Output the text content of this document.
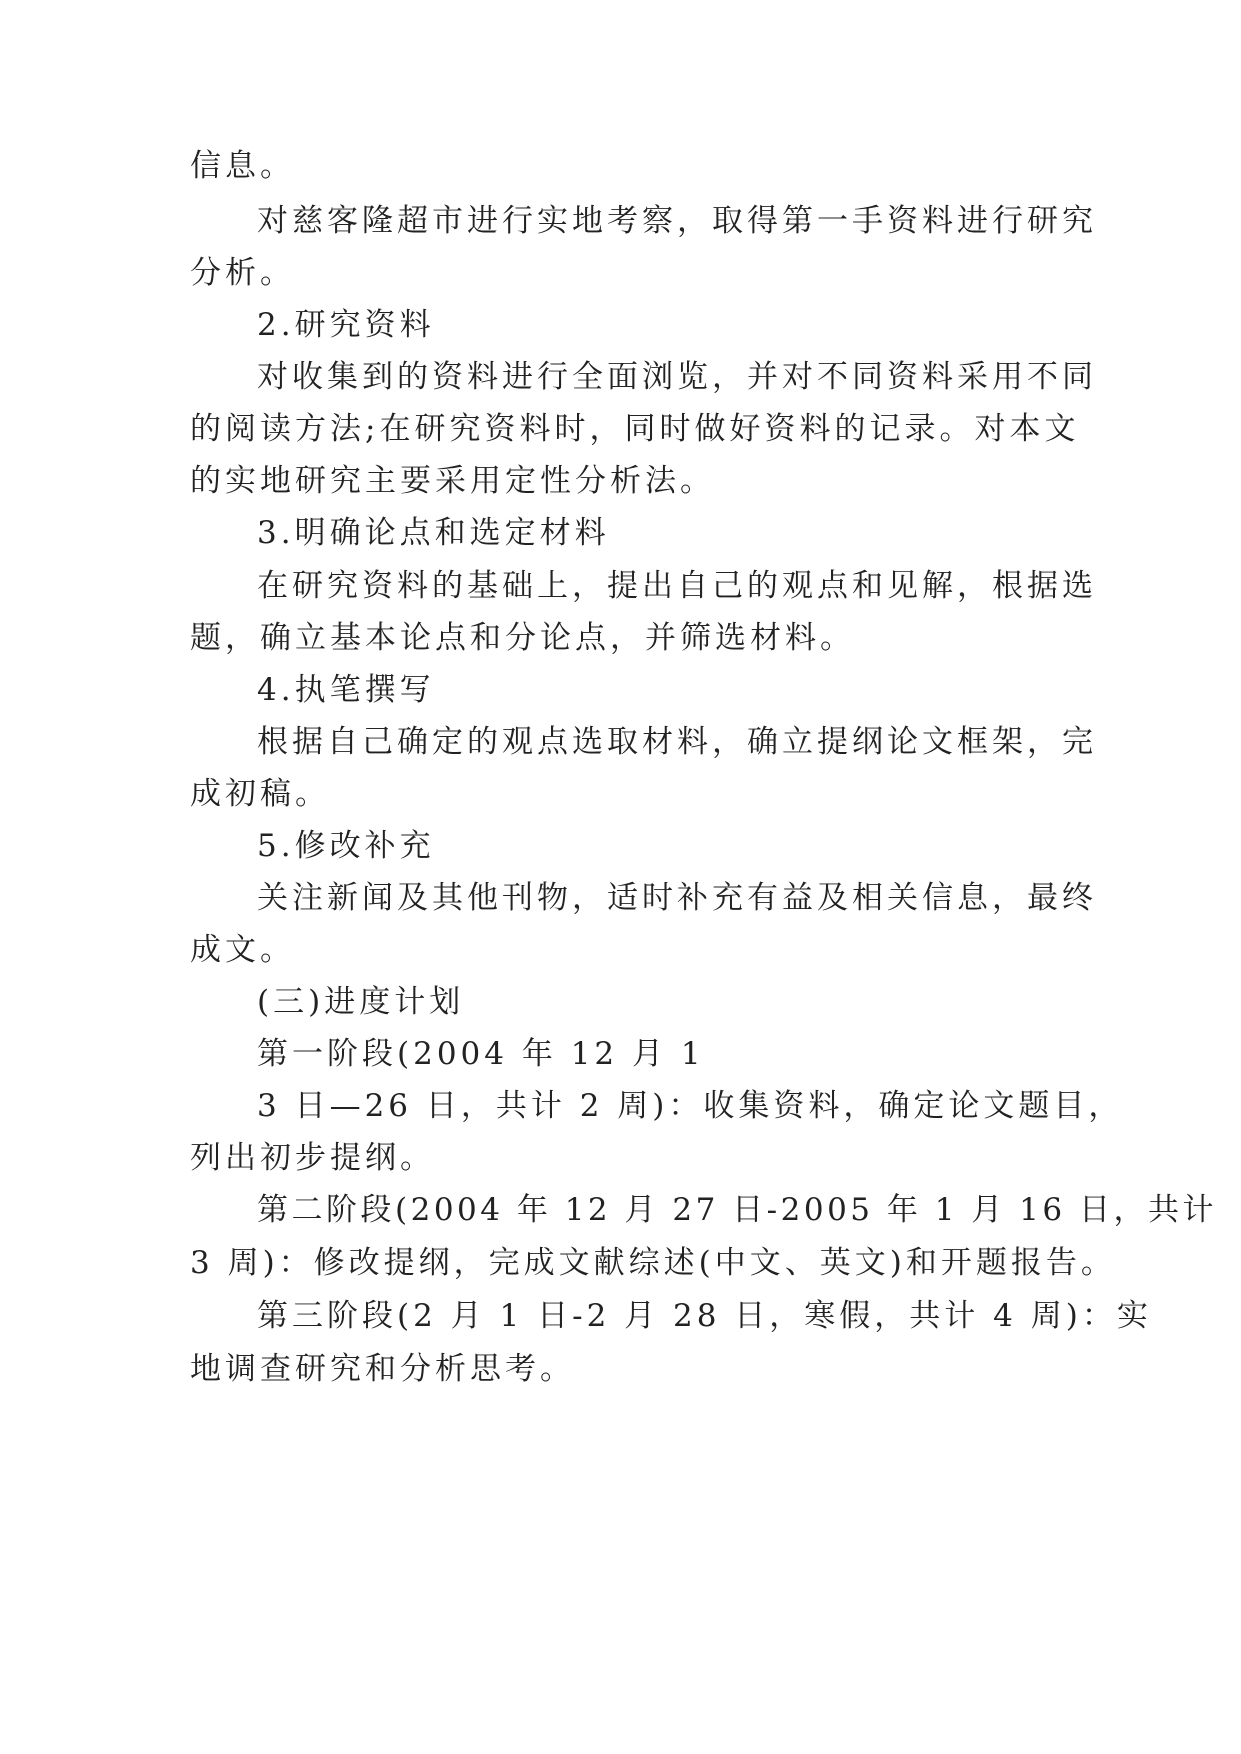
信息。
对慈客隆超市进行实地考察，取得第一手资料进行研究
分析。
2.研究资料
对收集到的资料进行全面浏览，并对不同资料采用不同
的阅读方法;在研究资料时，同时做好资料的记录。对本文
的实地研究主要采用定性分析法。
3.明确论点和选定材料
在研究资料的基础上，提出自己的观点和见解，根据选
题，确立基本论点和分论点，并筛选材料。
4.执笔撰写
根据自己确定的观点选取材料，确立提纲论文框架，完
成初稿。
5.修改补充
关注新闻及其他刊物，适时补充有益及相关信息，最终
成文。
(三)进度计划
第一阶段(2004 年 12 月 1
3 日—26 日，共计 2 周)：收集资料，确定论文题目，
列出初步提纲。
第二阶段(2004 年 12 月 27 日-2005 年 1 月 16 日，共计
3 周)：修改提纲，完成文献综述(中文、英文)和开题报告。
第三阶段(2 月 1 日-2 月 28 日，寒假，共计 4 周)：实
地调查研究和分析思考。
